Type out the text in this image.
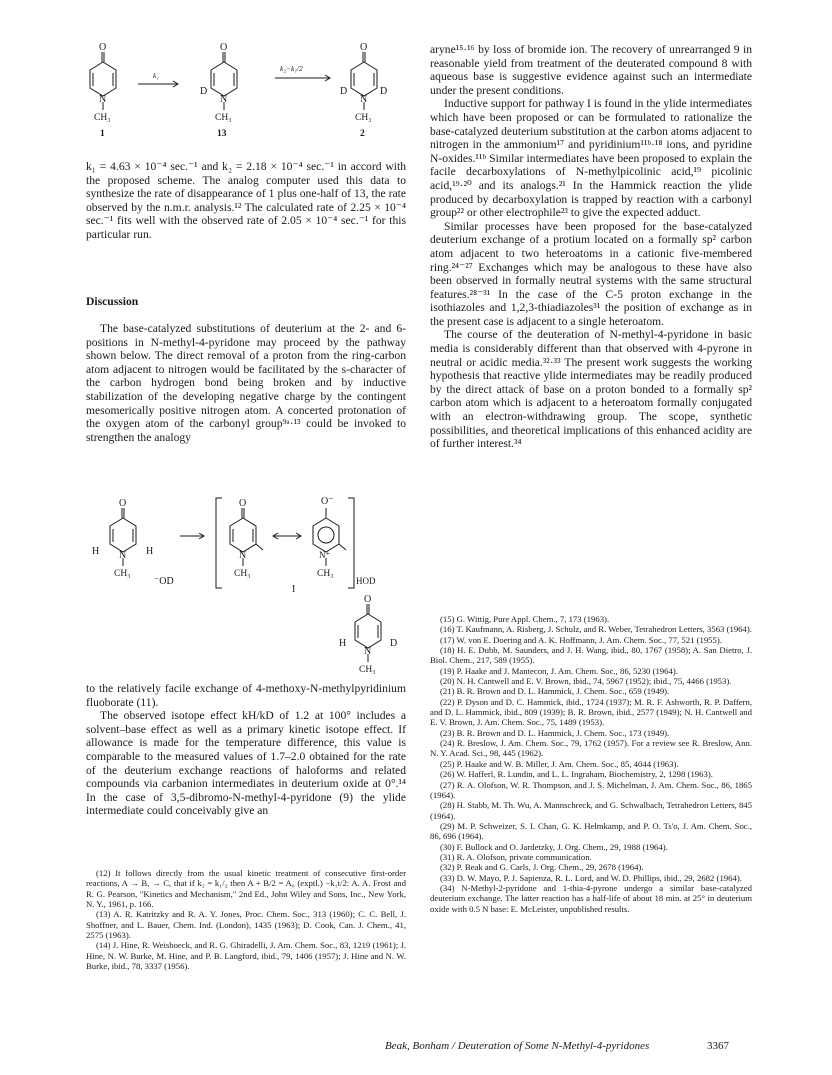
O
N
CH₃
1
k₁
O
N
D
CH₃
13
k₂−k₁/2
O
N
D	D
CH₃
2

k₁ = 4.63 × 10⁻⁴ sec.⁻¹ and k₂ = 2.18 × 10⁻⁴ sec.⁻¹ in accord with the proposed scheme. The analog computer used this data to synthesize the rate of disappearance of 1 plus one-half of 13, the rate observed by the n.m.r. analysis.¹² The calculated rate of 2.25 × 10⁻⁴ sec.⁻¹ fits well with the observed rate of 2.05 × 10⁻⁴ sec.⁻¹ for this particular run.

Discussion

The base-catalyzed substitutions of deuterium at the 2- and 6-positions in N-methyl-4-pyridone may proceed by the pathway shown below. The direct removal of a proton from the ring-carbon atom adjacent to nitrogen would be facilitated by the s-character of the carbon hydrogen bond being broken and by inductive stabilization of the developing negative charge by the contingent mesomerically positive nitrogen atom. A concerted protonation of the oxygen atom of the carbonyl group⁹ᵃ·¹³ could be invoked to strengthen the analogy

O
N
H	H
CH₃
⁻OD
O
N
CH₃
O⁻
N⁺
CH₃
HOD
I
O
N
H	D
CH₃

to the relatively facile exchange of 4-methoxy-N-methylpyridinium fluoborate (11).

The observed isotope effect kH/kD of 1.2 at 100° includes a solvent–base effect as well as a primary kinetic isotope effect. If allowance is made for the temperature difference, this value is comparable to the measured values of 1.7–2.0 obtained for the rate of the deuterium exchange reactions of haloforms and related compounds via carbanion intermediates in deuterium oxide at 0°.¹⁴ In the case of 3,5-dibromo-N-methyl-4-pyridone (9) the ylide intermediate could conceivably give an

(12) It follows directly from the usual kinetic treatment of consecutive first-order reactions, A → B, → C, that if k₂ = k₁/₂ then A + B/2 = A₀ (exptl.) −k₁t/2: A. A. Frost and R. G. Pearson, "Kinetics and Mechanism," 2nd Ed., John Wiley and Sons, Inc., New York, N. Y., 1961, p. 166.

(13) A. R. Katritzky and R. A. Y. Jones, Proc. Chem. Soc., 313 (1960); C. C. Bell, J. Shoffner, and L. Bauer, Chem. Ind. (London), 1435 (1963); D. Cook, Can. J. Chem., 41, 2575 (1963).

(14) J. Hine, R. Weisboeck, and R. G. Ghiradelli, J. Am. Chem. Soc., 83, 1219 (1961); J. Hine, N. W. Burke, M. Hine, and P. B. Langford, ibid., 79, 1406 (1957); J. Hine and N. W. Burke, ibid., 78, 3337 (1956).

aryne¹⁵·¹⁶ by loss of bromide ion. The recovery of unrearranged 9 in reasonable yield from treatment of the deuterated compound 8 with aqueous base is suggestive evidence against such an intermediate under the present conditions.

Inductive support for pathway I is found in the ylide intermediates which have been proposed or can be formulated to rationalize the base-catalyzed deuterium substitution at the carbon atoms adjacent to nitrogen in the ammonium¹⁷ and pyridinium¹¹ᵇ·¹⁸ ions, and pyridine N-oxides.¹¹ᵇ Similar intermediates have been proposed to explain the facile decarboxylations of N-methylpicolinic acid,¹⁹ picolinic acid,¹⁹·²⁰ and its analogs.²¹ In the Hammick reaction the ylide produced by decarboxylation is trapped by reaction with a carbonyl group²² or other electrophile²³ to give the expected adduct.

Similar processes have been proposed for the base-catalyzed deuterium exchange of a protium located on a formally sp² carbon atom adjacent to two heteroatoms in a cationic five-membered ring.²⁴⁻²⁷ Exchanges which may be analogous to these have also been observed in formally neutral systems with the same structural features.²⁸⁻³¹ In the case of the C-5 proton exchange in the isothiazoles and 1,2,3-thiadiazoles³¹ the position of exchange as in the present case is adjacent to a single heteroatom.

The course of the deuteration of N-methyl-4-pyridone in basic media is considerably different than that observed with 4-pyrone in neutral or acidic media.³²·³³ The present work suggests the working hypothesis that reactive ylide intermediates may be readily produced by the direct attack of base on a proton bonded to a formally sp² carbon atom which is adjacent to a heteroatom formally conjugated with an electron-withdrawing group. The scope, synthetic possibilities, and theoretical implications of this enhanced acidity are of further interest.³⁴

(15) G. Wittig, Pure Appl. Chem., 7, 173 (1963).

(16) T. Kaufmann, A. Risberg, J. Schulz, and R. Weber, Tetrahedron Letters, 3563 (1964).

(17) W. von E. Doering and A. K. Hoffmann, J. Am. Chem. Soc., 77, 521 (1955).

(18) H. E. Dubb, M. Saunders, and J. H. Wang, ibid., 80, 1767 (1958); A. San Dietro, J. Biol. Chem., 217, 589 (1955).

(19) P. Haake and J. Mantecon, J. Am. Chem. Soc., 86, 5230 (1964).

(20) N. H. Cantwell and E. V. Brown, ibid., 74, 5967 (1952); ibid., 75, 4466 (1953).

(21) B. R. Brown and D. L. Hammick, J. Chem. Soc., 659 (1949).

(22) P. Dyson and D. C. Hammick, ibid., 1724 (1937); M. R. F. Ashworth, R. P. Daffern, and D. L. Hammick, ibid., 809 (1939); B. R. Brown, ibid., 2577 (1949); N. H. Cantwell and E. V. Brown, J. Am. Chem. Soc., 75, 1489 (1953).

(23) B. R. Brown and D. L. Hammick, J. Chem. Soc., 173 (1949).

(24) R. Breslow, J. Am. Chem. Soc., 79, 1762 (1957). For a review see R. Breslow, Ann. N. Y. Acad. Sci., 98, 445 (1962).

(25) P. Haake and W. B. Miller, J. Am. Chem. Soc., 85, 4044 (1963).

(26) W. Hafferl, R. Lundin, and L. L. Ingraham, Biochemistry, 2, 1298 (1963).

(27) R. A. Olofson, W. R. Thompson, and J. S. Michelman, J. Am. Chem. Soc., 86, 1865 (1964).

(28) H. Stabb, M. Th. Wu, A. Mannschreck, and G. Schwalbach, Tetrahedron Letters, 845 (1964).

(29) M. P. Schweizer, S. I. Chan, G. K. Helmkamp, and P. O. Ts'o, J. Am. Chem. Soc., 86, 696 (1964).

(30) F. Bullock and O. Jardetzky, J. Org. Chem., 29, 1988 (1964).

(31) R. A. Olofson, private communication.

(32) P. Beak and G. Carls, J. Org. Chem., 29, 2678 (1964).

(33) D. W. Mayo, P. J. Sapienza, R. L. Lord, and W. D. Phillips, ibid., 29, 2682 (1964).

(34) N-Methyl-2-pyridone and 1-thia-4-pyrone undergo a similar base-catalyzed deuterium exchange. The latter reaction has a half-life of about 18 min. at 25° in deuterium oxide with 0.5 N base: E. McLeister, unpublished results.

Beak, Bonham / Deuteration of Some N-Methyl-4-pyridones	3367
